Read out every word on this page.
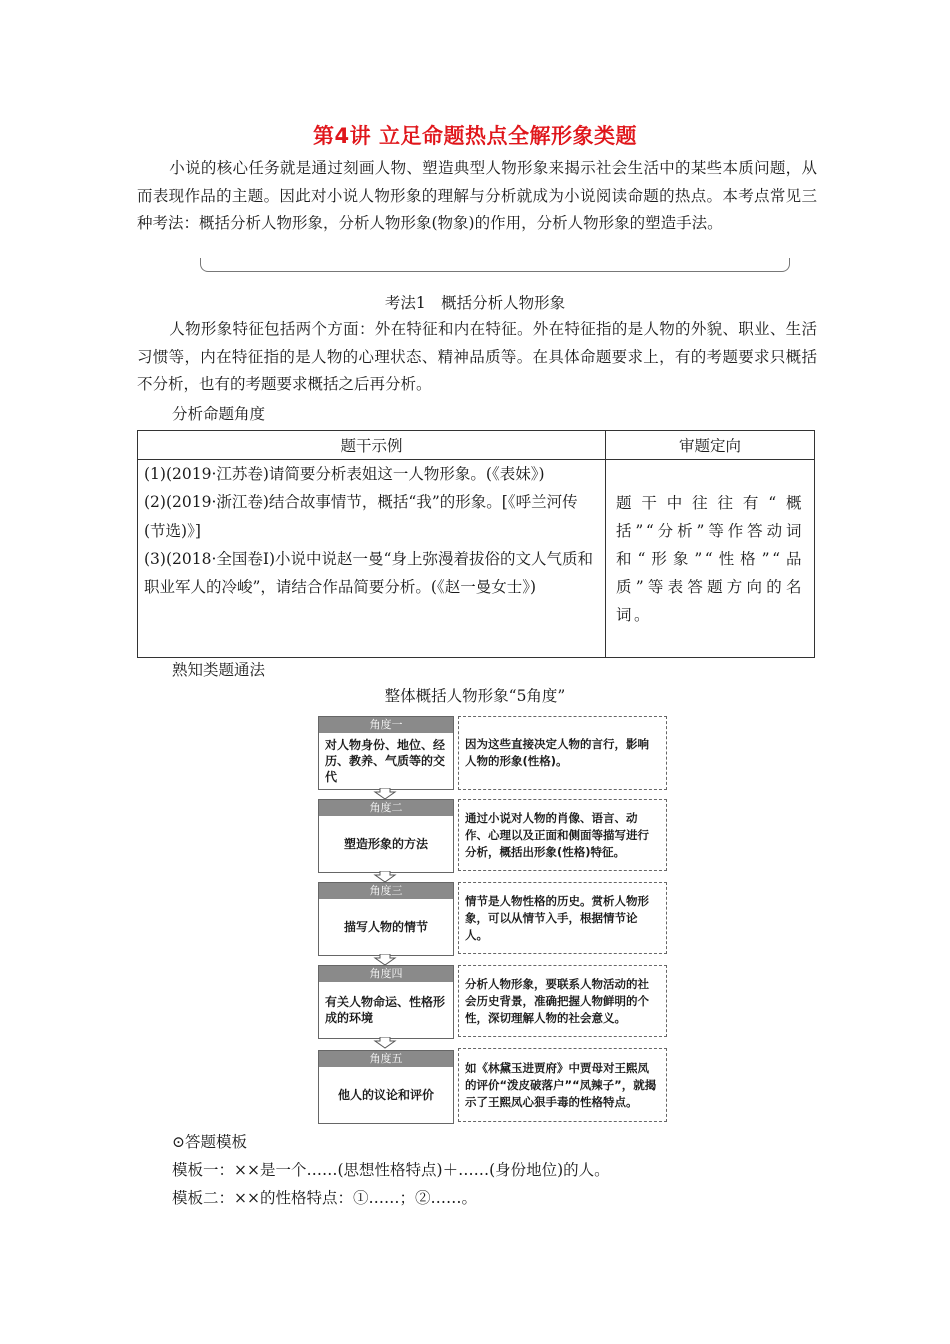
第4讲 立足命题热点全解形象类题

小说的核心任务就是通过刻画人物、塑造典型人物形象来揭示社会生活中的某些本质问题，从而表现作品的主题。因此对小说人物形象的理解与分析就成为小说阅读命题的热点。本考点常见三种考法：概括分析人物形象，分析人物形象(物象)的作用，分析人物形象的塑造手法。

考法1　概括分析人物形象

人物形象特征包括两个方面：外在特征和内在特征。外在特征指的是人物的外貌、职业、生活习惯等，内在特征指的是人物的心理状态、精神品质等。在具体命题要求上，有的考题要求只概括不分析，也有的考题要求概括之后再分析。

分析命题角度
题干示例	审题定向

(1)(2019·江苏卷)请简要分析表姐这一人物形象。(《表妹》)
(2)(2019·浙江卷)结合故事情节，概括“我”的形象。[《呼兰河传(节选)》]
(3)(2018·全国卷Ⅰ)小说中说赵一曼“身上弥漫着拔俗的文人气质和职业军人的冷峻”，请结合作品简要分析。(《赵一曼女士》)	题干中往往有“概括”“分析”等作答动词和“形象”“性格”“品质”等表答题方向的名词。
熟知类题通法
整体概括人物形象“5角度”
角度一
对人物身份、地位、经历、教养、气质等的交代
因为这些直接决定人物的言行，影响人物的形象(性格)。
角度二
塑造形象的方法
通过小说对人物的肖像、语言、动作、心理以及正面和侧面等描写进行分析，概括出形象(性格)特征。
角度三
描写人物的情节
情节是人物性格的历史。赏析人物形象，可以从情节入手，根据情节论人。
角度四
有关人物命运、性格形成的环境
分析人物形象，要联系人物活动的社会历史背景，准确把握人物鲜明的个性，深切理解人物的社会意义。
角度五
他人的议论和评价
如《林黛玉进贾府》中贾母对王熙凤的评价“泼皮破落户”“凤辣子”，就揭示了王熙凤心狠手毒的性格特点。
⊙答题模板
模板一：××是一个……(思想性格特点)＋……(身份地位)的人。
模板二：××的性格特点：①……；②……。
